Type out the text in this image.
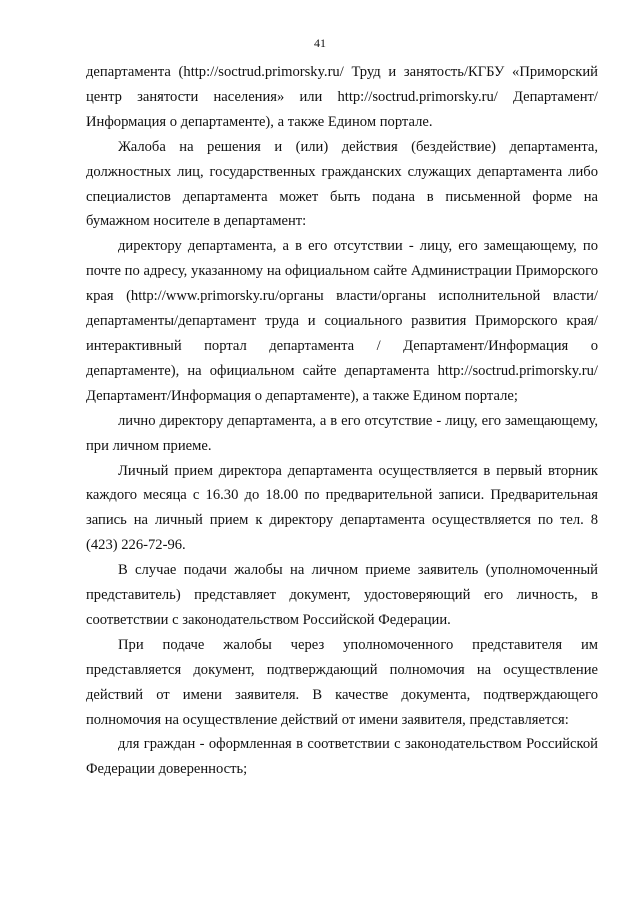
41

департамента (http://soctrud.primorsky.ru/ Труд и занятость/КГБУ «Приморский центр занятости населения» или http://soctrud.primorsky.ru/ Департамент/Информация о департаменте), а также Едином портале.

Жалоба на решения и (или) действия (бездействие) департамента, должностных лиц, государственных гражданских служащих департамента либо специалистов департамента может быть подана в письменной форме на бумажном носителе в департамент:

директору департамента, а в его отсутствии - лицу, его замещающему, по почте по адресу, указанному на официальном сайте Администрации Приморского края (http://www.primorsky.ru/органы власти/органы исполнительной власти/департаменты/департамент труда и социального развития Приморского края/интерактивный портал департамента / Департамент/Информация о департаменте), на официальном сайте департамента http://soctrud.primorsky.ru/ Департамент/Информация о департаменте), а также Едином портале;

лично директору департамента, а в его отсутствие - лицу, его замещающему, при личном приеме.

Личный прием директора департамента осуществляется в первый вторник каждого месяца с 16.30 до 18.00 по предварительной записи. Предварительная запись на личный прием к директору департамента осуществляется по тел. 8 (423) 226-72-96.

В случае подачи жалобы на личном приеме заявитель (уполномоченный представитель) представляет документ, удостоверяющий его личность, в соответствии с законодательством Российской Федерации.

При подаче жалобы через уполномоченного представителя им представляется документ, подтверждающий полномочия на осуществление действий от имени заявителя. В качестве документа, подтверждающего полномочия на осуществление действий от имени заявителя, представляется:

для граждан - оформленная в соответствии с законодательством Российской Федерации доверенность;
